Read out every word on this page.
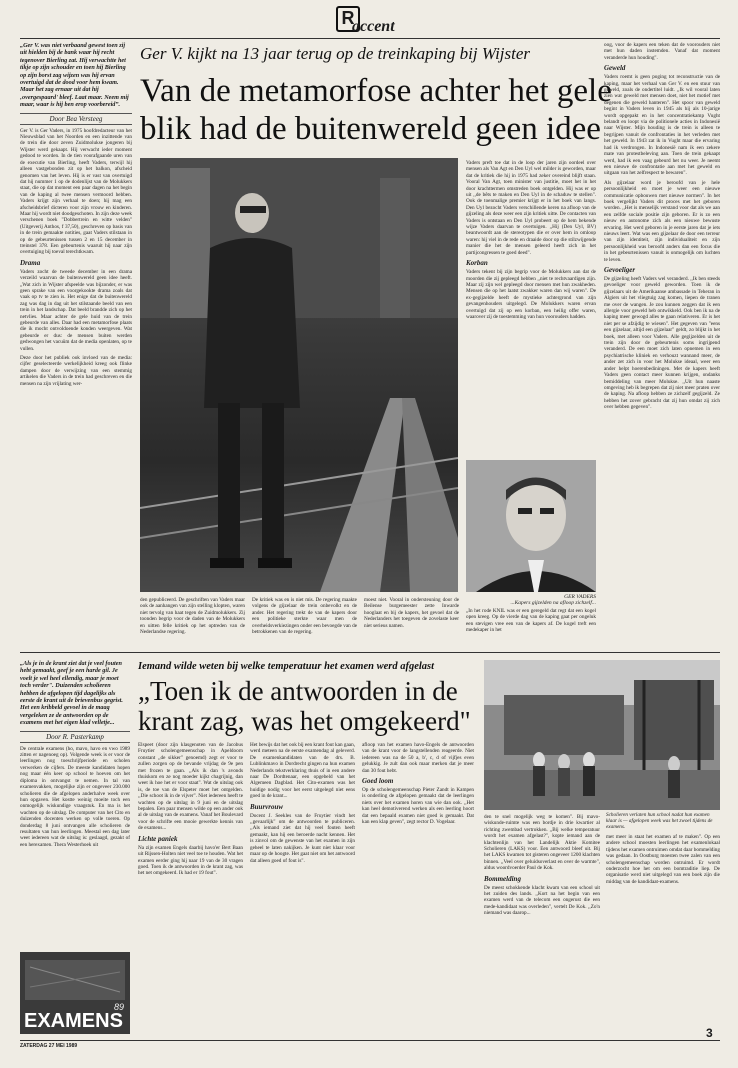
R
accent
„Ger V. was niet verbaand gewest toen zij uit hielden bij de bank waar hij recht tegenover Bierling zat. Hij verwachtte het tikje op zijn schouder en toen hij Bierling op zijn borst zag wijzen was hij ervan overtuigd dat de dood voor hem kwam. Maar het zag ernaar uit dat hij ‚overgespaard' bleef. Laat maar. Neem mij maar, waar is hij ben erop voorbereid”.
Door Bea Versteeg
Ger V. is Ger Vaders, in 1975 hoofdredacteur van het Nieuwsblad van het Noorden en een inzittende van de trein die door zeven Zuidmolukse jongeren bij Wijster werd gekaapt. Hij verwacht ieder moment gedood te worden. In de tien voorafgaande uren van de executie van Bierling, heeft Vaders, terwijl hij alleen vastgebonden zit op het balkon, afscheid genomen van het leven. Hij is er vast van overtuigd dat hij nummer 1 op de dodenlijst van de Molukkers staat, die op dat moment een paar dagen na het begin van de kaping al twee mensen vermoord hebben. Vaders krijgt zijn verhaal te doen; hij mag een afscheidsbrief dicteren voor zijn vrouw en kinderen. Maar hij wordt niet doodgeschoten. In zijn deze week verschenen boek "Dobbertrein en witte velden" (Uitgeverij Anthos, f 37,50), geschreven op basis van in de trein gemaakte notities, gaat Vaders stilstaan in op de gebeurtenissen tussen 2 en 15 december in treinstel 378. Een gebeurtenis waaruit hij naar zijn overtuiging bij toeval terechtkwam.
Drama
Vaders zocht de tweede december in een drama verzeild waarvan de buitenwereld geen idee heeft. „Wat zich in Wijster afspeelde was bijzonder, er was geen sprake van een voorgekookte drama zoals dat vaak op tv te zien is. Het enige dat de buitenwereld zag was dag in dag uit het stilstaande beeld van een trein in het landschap. Dat beeld brandde zich op het netvlies. Maar achter de gele huid van de trein gebeurde van alles. Daar had een metamorfose plaats die ik mocht ontvoldoende konden weergeven. Wat gebeurde er dus: de mensen buiten werden gedwongen het vacuüm dat de media openlaten, op te vullen.
Deze door het publiek ook invloed van de media: cijfer geselecteerde werkelijkheid kreeg ook flinke dampen door de verwijzing van een stemmig artikelen die Vaders in de trein had geschreven en die mensen na zijn vrijlating wer-
Ger V. kijkt na 13 jaar terug op de treinkaping bij Wijster
Van de metamorfose achter het gele
blik had de buitenwereld geen idee
Vaders preft toe dat in de loop der jaren zijn oordeel over mensen als Van Agt en Den Uyl wel milder is geworden, maar dat de kritiek die hij in 1975 had zeker overeind blijft staan. Vooral Van Agt, toen minister van justitie, moet het in het door krachttermen omstreden boek ontgelden. Hij was er op uit ,,de bêts te maken en Den Uyl in de schaduw te stellen". Ook de toenmalige premier krijgt er in het boek van langs. Den Uyl bezocht Vaders verschillende keren na afloop van de gijzeling als deze weer een zijn kritiek uitte. De contacten van Vaders is ontstaan en Den Uyl probeert op de hem bekende wijze Vaders daarvan te overtuigen. ,,Hij (Den Uyl, BV) beantwoordt aan de stereotypen die er over hem in omloop waren: hij viel in de rede en draaide door op die stilzwijgende manier die het de mensen geleerd heeft zich in het partijcongressen te goed deed".
Korban
Vaders tekent bij zijn begrip voor de Molukkers aan dat de moorden die zij gepleegd hebben ,,niet te rechtvaardigen zijn. Maar zij zijn wel gepleegd door mensen met hun zwakheden. Mensen die op het laatst zwakker waren dan wij waren". De ex-gegijzelde heeft de mystieke achtergrond van zijn gevangenhouders uitgelegd. De Molukkers waren ervan overtuigd dat zij op een korban, een heilig offer waren, waarover zij de toestemming van hun voorouders hadden.
oog, voor de kapers een teken dat de voorouders niet met hun daden instemden. Vanaf dat moment veranderde hun houding".
Geweld
Vaders roemt is geen poging tot reconstructie van de kaping, maar het verhaal van Ger V. en een stuur van geweld, zoals de ondertitel luidt. ,,Ik wil vooral laten zien wat geweld met mensen doet, niet het motief met degenen die geweld hanteren". Het spoor van geweld begint in Vaders leven in 1945 als hij als 10-jarige wordt opgepakt en in het concentratiekamp Vught belandt en loopt via de politionele acties in Indonesië naar Wijster. Mijn houding is de trein is alleen te begrijpen vanuit de confrontaties in het verleden met het geweld. In 1943 zat ik in Vught maar die ervaring had ik verdrongen. In Indonesië nam ik een zekere mate van protestbeleving aan. Toen de trein gekaapt werd, had ik een vaag gebeurd het nu weer. Je neemt een nieuwe de confrontatie aan met het geweld en uitgaan van het zelfrespect te bewaren".
Als gijzelaar word je beroofd van je hele persoonlijkheid en moet je weer een nieuwe communicatie opbouwen met nieuwe normen". In het boek vergelijkt Vaders dit proces met het geboren worden. ,,Het is menselijk verstand voor dat als we aan een zelfde sociale positie zijn geboren. Er is zo een nieuw en autonome zich als een nieuwe bewuste ervaring. Het werd geboren in je eerste jaren dat je iets nieuws leert. Wat was een gijzelaar de door een terreur van zijn identiteit, zijn individualiteit en zijn persoonlijkheid was beroofd anders dan een focus die in het gebeurtenissen vanuit is onmogelijk om luchten te leven.
Gevoeliger
De gijzeling heeft Vaders wel veranderd. ,,Ik ben steeds gevoeliger voor geweld geworden. Toen ik de gijzelaars uit de Amerikaanse ambassade in Teheran in Algiers uit het vliegtuig zag komen, liepen de tranen me over de wangen. Je zou kunnen zeggen dat ik een allergie voor geweld heb ontwikkeld. Ook ben ik na de kaping meer gewogd alles te gaan relativeren. Er is het niet per se afzijdig te wiesen". Het gegeven van "eens een gijzelaar, altijd een gijzelaar" geldt, zo blijkt in het boek, met alleen voor Vaders. Alle gegijzelden uit de trein zijn door de gebeurtenis soms ingrijpend veranderd. De een moet zich laten opnemen in een psychiatrische kliniek en verhouzt wannand meer, de ander zet zich in voor het Molukse ideaal, weer een ander helpt hoerenbediningen. Met de kapers heeft Vaders geen contact meer kunnen krijgen, ondanks bemiddeling van meer Molukse. ,,Uit hun naaste omgeving heb ik begrepen dat zij niet meer praten over de kaping. Na afloop hebben ze zichzelf gegijzeld. Ze hebben het zover gebracht dat zij hun omdat zij zich over hebben gegeven".
den gepubliceerd. De geschriften van Vaders maar ook de aanhangen van zijn stelling klopten, waren niet tervolg van haat tegen de Zuidmolukkers. Zij toonden begrip voor de daden van de Molukkers en uitten felle kritiek op het optreden van de Nederlandse regering.
De kritiek was en is niet mis. De regering maakte volgens de gijzelaar de trein onbevolkt en de ander. Het regering trekt de van de kapers door een politieke sterkte waar men de overheidsverkiezingen onder een bevoegde van de betrokkenen van de regering.
moest niet. Vooral in ondersteuning door de Beilense burgemeester zette Inwarde hooglaat en bij de kapers, het gevoel dat de Nederlanders het toegeven de zovelaste keer niet serieus namen.
GER VADERS
...Kapers gijzelden na afloop zichzelf...
„In het rode KNIL was er een geregeld dat regt dat een kogel open kreeg. Op de vierde dag van de kaping gaat per ongeluk een stevigen vree een van de kapers af. De kogel treft een medekaper in het
„Als je in de krant ziet dat je veel fouten hebt gemaakt, geef je een harde gil. Je voelt je wel heel ellendig, maar je moet toch verder". Duizenden scholieren hebben de afgelopen tijd dagelijks als eerste de krant uit de brievenbus gegrist. Het een kribbeld gevoel in de maag vergeleken ze de antwoorden op de examens met het eigen klad velletje...
Door R. Pasterkamp
De centrale examens (ho, mavo, havo en vwo 1989 zitten er nagenoeg op). Volgende week is er voor de leerlingen nog toeschrijfperiode en scholen verwerken de cijfers. De meeste kandidaten hopen nog maar één keer op school te hoeven om het diploma in ontvangst te nemen. In tal van examenvakken, mogelijke zijn er ongeveer 230.000 scholieren die de afgelopen anderhalve week over hun opgaven. Het kostte weinig moeite toch een onmogelijk wiskundige vraagstuk. En ma is het wachten op de uitslag. De computer van het Cito en duizenden docenten werken op volle toeren. Op donderdag 8 juni ontvangen alle scholieren de resultaten van hun leerlingen. Meestal een dag later weet iedereen wat de uitslag is: geslaagd, gezakt of een herexamen. Thera Westerhoek uit
89
EXAMENS
Iemand wilde weten bij welke temperatuur het examen werd afgelast
„Toen ik de antwoorden in de
krant zag, was het omgekeerd"
Elspeet (door zijn klasgenoten van de Jacobus Fruytier scholengemeenschap in Apeldoorn constant ,,de sikker" genoemd) zegt er voor te zullen zorgen op de bevande vrijdag de 9e pen met frozen te gaan. ,,Als ik dan 's avonds thuiskom en ze nog moeder kijkt chagrijnig, dan weet ik hoe het er voor staat". Wat de uitslag ook is, de toe van de Elspeter moet het ontgelden. ,,Die schoot ik in de vijver". Niet iedereen heeft te wachten op de uitslag in 9 juni en de uitslag bepalen. Een paar mensen wilde op een ander ook al de uitslag van de examens. Vanaf het Boulevard voor de schrifte een mooie gewerkte kennis van de examens...
Lichte paniek
Na zijn examen Engels daarbij havo'er Bert Baan uit Rijssen-Holten niet veel toe te houden. Wat het examen eerder ging hij naar 19 van de 30 vragen goed. Toen ik de antwoorden in de krant zag, was het net omgekeerd. Ik had er 19 fout".
Het bewijs dat het ook bij een krant fout kan gaan, werd meteen na de eerste examendag al geleverd. De examenkandidaten van de drs. B. Lublinkmavo in Dordrecht gingen na hun examen Nederlands tekstverklaring thuis of in een andere naar De Dordtenaar, een opgebeld van het Algemeen Dagblad. Het Cito-examen was het huidige nodig voor het eerst uitgelegd niet eens goed in de krant...
Buurvrouw
Docent J. Seekles van de Fruytier vindt het ,,gevaarlijk" om de antwoorden te publiceren. ,,Als iemand ziet dat hij veel fouten heeft gemaakt, kan hij een beroerde nacht kennen. Het is zinvol om de gewenste van het examen in zijn geheel te laten nakijken. Je kunt niet klaar voor maar op de hoogte. Het gaat niet om het antwoord dat alleen goed of fout is".
afloop van het examen havo-Engels de antwoorden van de krant voor de langstellenden reageerde. Niet iedereen was na de 50 a, b', c, d of vijfjes even gelukkig. Je zult dan ook maar merken dat je meer dan 30 fout hebt.
Goed loom
Op de scholengemeenschap Pieter Zandt in Kampen is onderling de afgelopen gemaakt dat de leerlingen niets over het examen horen van wie dan ook. ,,Het kan heel demotiverend werken als een leerling hoort dat een bepaald examen niet goed is gemaakt. Dat kan een klap geven", zegt rector D. Vogelaar.
Scholieren verlaten hun school nadat hun examen klaar is — afgelopen week was het zwoel tijdens de examens.
den te snel mogelijk weg te komen". Bij mavo-wiskunde-ruimte was een bordje in drie kwartier al richting zwembad vertrokken. ,,Bij welke temperatuur wordt het examen afgelast?", kopte iemand aan de klachtenlijn van het Landelijk Aktie Komitee Scholieren (LAKS) voor. Een antwoord bleef uit. Bij het LAKS kwamen tot gisteren ongeveer 1200 klachten binnen. ,,Veel over geluidsoverlast en over de warmte", aldus woordvoerder Paul de Kok.
Bommelding
De meest schokkende klacht kwam van een school uit het zuiden des lands. ,,Kort na het begin van een examen werd van de telecom een ongerust die een mede-kandidaat was overleden", vertelt De Kok. ,,Zo'n niemand was daarop...
met meer in staat het examen af te maken". Op een andere school moesten leerlingen het examenlokaal tijdens het examen ontruimen omdat daar bommelding was gedaan. In Oostburg moesten twee zalen van een scholengemeenschap worden ontruimd. Er wordt onderzocht hoe het om een bomtraditie liep. De organisatie werd niet uitgelegd van een boek zijn die middag van de kandidaat-examens.
ZATERDAG 27 MEI 1989
3
